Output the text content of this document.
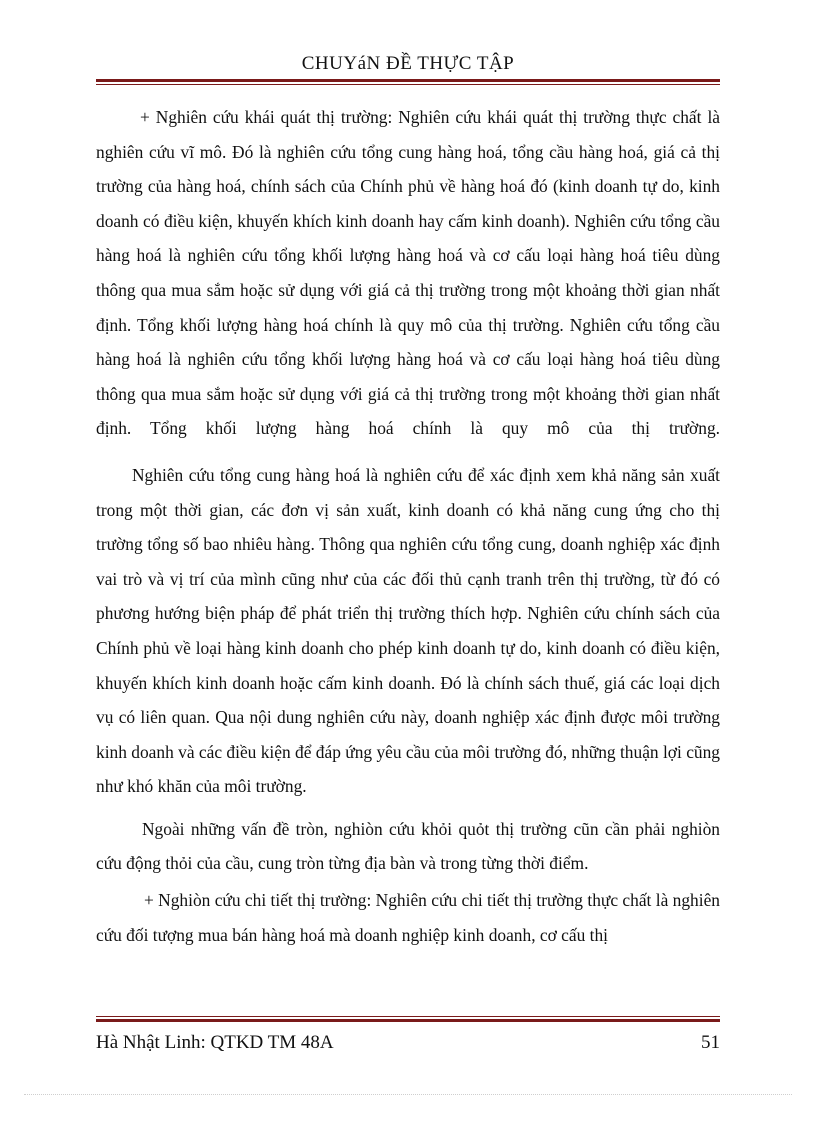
CHUYáN ĐỀ THỰC TẬP

+ Nghiên cứu khái quát thị trường: Nghiên cứu khái quát thị trường thực chất là nghiên cứu vĩ mô. Đó là nghiên cứu tổng cung hàng hoá, tổng cầu hàng hoá, giá cả thị trường của hàng hoá, chính sách của Chính phủ về hàng hoá đó (kinh doanh tự do, kinh doanh có điều kiện, khuyến khích kinh doanh hay cấm kinh doanh). Nghiên cứu tổng cầu hàng hoá là nghiên cứu tổng khối lượng hàng hoá và cơ cấu loại hàng hoá tiêu dùng thông qua mua sắm hoặc sử dụng với giá cả thị trường trong một khoảng thời gian nhất định. Tổng khối lượng hàng hoá chính là quy mô của thị trường. Nghiên cứu tổng cầu hàng hoá là nghiên cứu tổng khối lượng hàng hoá và cơ cấu loại hàng hoá tiêu dùng thông qua mua sắm hoặc sử dụng với giá cả thị trường trong một khoảng thời gian nhất định. Tổng khối lượng hàng hoá chính là quy mô của thị trường.

Nghiên cứu tổng cung hàng hoá là nghiên cứu để xác định xem khả năng sản xuất trong một thời gian, các đơn vị sản xuất, kinh doanh có khả năng cung ứng cho thị trường tổng số bao nhiêu hàng. Thông qua nghiên cứu tổng cung, doanh nghiệp xác định vai trò và vị trí của mình cũng như của các đối thủ cạnh tranh trên thị trường, từ đó có phương hướng biện pháp để phát triển thị trường thích hợp. Nghiên cứu chính sách của Chính phủ về loại hàng kinh doanh cho phép kinh doanh tự do, kinh doanh có điều kiện, khuyến khích kinh doanh hoặc cấm kinh doanh. Đó là chính sách thuế, giá các loại dịch vụ có liên quan. Qua nội dung nghiên cứu này, doanh nghiệp xác định được môi trường kinh doanh và các điều kiện để đáp ứng yêu cầu của môi trường đó, những thuận lợi cũng như khó khăn của môi trường.

Ngoài những vấn đề tròn, nghiòn cứu khỏi quỏt thị trường cũn cần phải nghiòn cứu động thỏi của cầu, cung tròn từng địa bàn và trong từng thời điểm.

+ Nghiòn cứu chi tiết thị trường: Nghiên cứu chi tiết thị trường thực chất là nghiên cứu đối tượng mua bán hàng hoá mà doanh nghiệp kinh doanh, cơ cấu thị

Hà Nhật Linh: QTKD TM 48A	51
